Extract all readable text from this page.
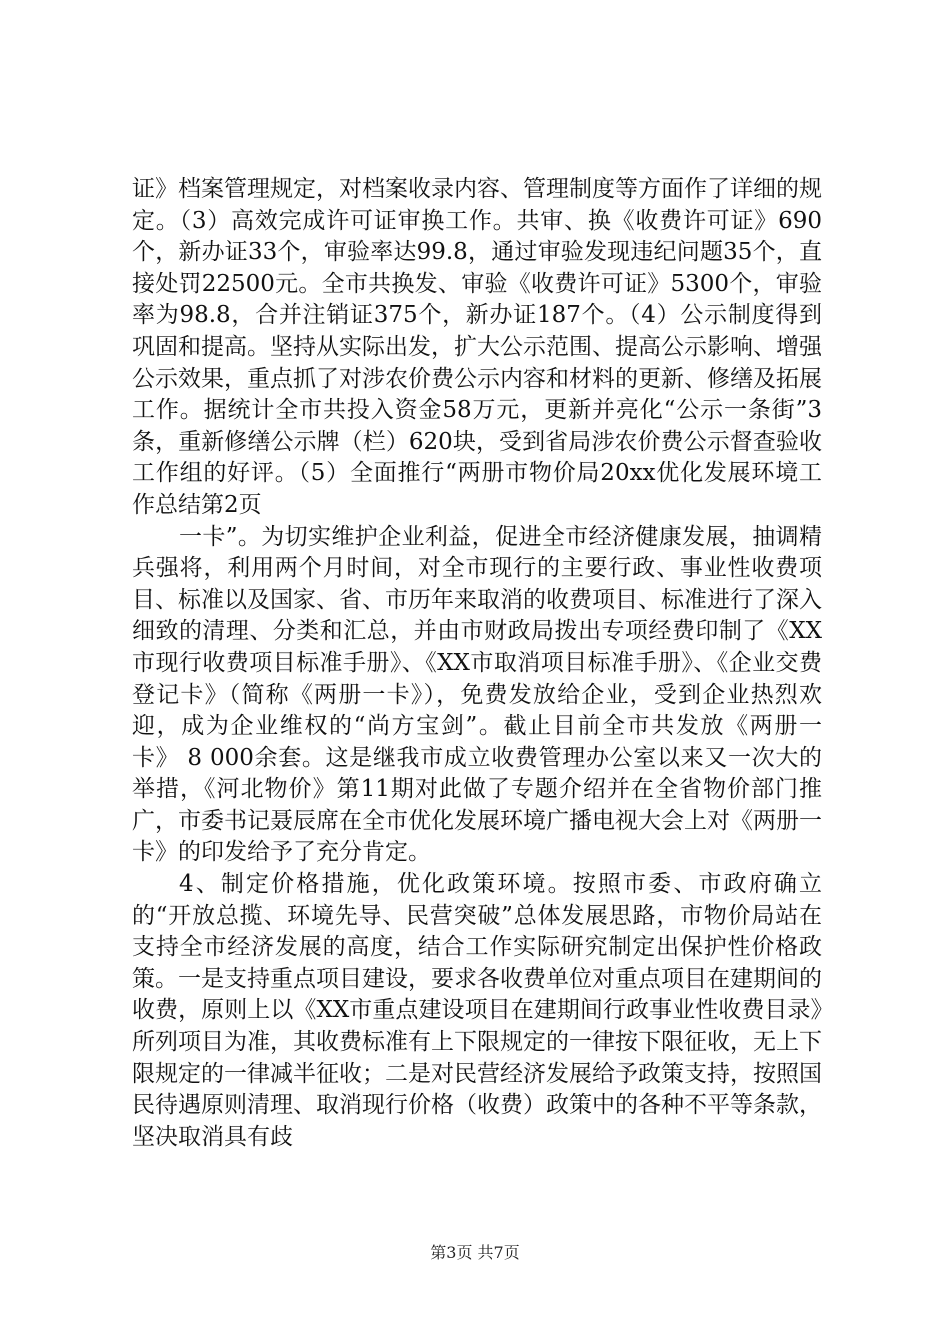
证》档案管理规定，对档案收录内容、管理制度等方面作了详细的规定。（3）高效完成许可证审换工作。共审、换《收费许可证》690个，新办证33个，审验率达99.8，通过审验发现违纪问题35个，直接处罚22500元。全市共换发、审验《收费许可证》5300个，审验率为98.8，合并注销证375个，新办证187个。（4）公示制度得到巩固和提高。坚持从实际出发，扩大公示范围、提高公示影响、增强公示效果，重点抓了对涉农价费公示内容和材料的更新、修缮及拓展工作。据统计全市共投入资金58万元，更新并亮化“公示一条街”3条，重新修缮公示牌（栏）620块，受到省局涉农价费公示督查验收工作组的好评。（5）全面推行“两册市物价局20xx优化发展环境工作总结第2页

一卡”。为切实维护企业利益，促进全市经济健康发展，抽调精兵强将，利用两个月时间，对全市现行的主要行政、事业性收费项目、标准以及国家、省、市历年来取消的收费项目、标准进行了深入细致的清理、分类和汇总，并由市财政局拨出专项经费印制了《XX市现行收费项目标准手册》、《XX市取消项目标准手册》、《企业交费登记卡》（简称《两册一卡》），免费发放给企业，受到企业热烈欢迎，成为企业维权的“尚方宝剑”。截止目前全市共发放《两册一卡》 8 000余套。这是继我市成立收费管理办公室以来又一次大的举措，《河北物价》第11期对此做了专题介绍并在全省物价部门推广，市委书记聂辰席在全市优化发展环境广播电视大会上对《两册一卡》的印发给予了充分肯定。

4、制定价格措施，优化政策环境。按照市委、市政府确立的“开放总揽、环境先导、民营突破”总体发展思路，市物价局站在支持全市经济发展的高度，结合工作实际研究制定出保护性价格政策。一是支持重点项目建设，要求各收费单位对重点项目在建期间的收费，原则上以《XX市重点建设项目在建期间行政事业性收费目录》所列项目为准，其收费标准有上下限规定的一律按下限征收，无上下限规定的一律减半征收；二是对民营经济发展给予政策支持，按照国民待遇原则清理、取消现行价格（收费）政策中的各种不平等条款，坚决取消具有歧

第3页 共7页
